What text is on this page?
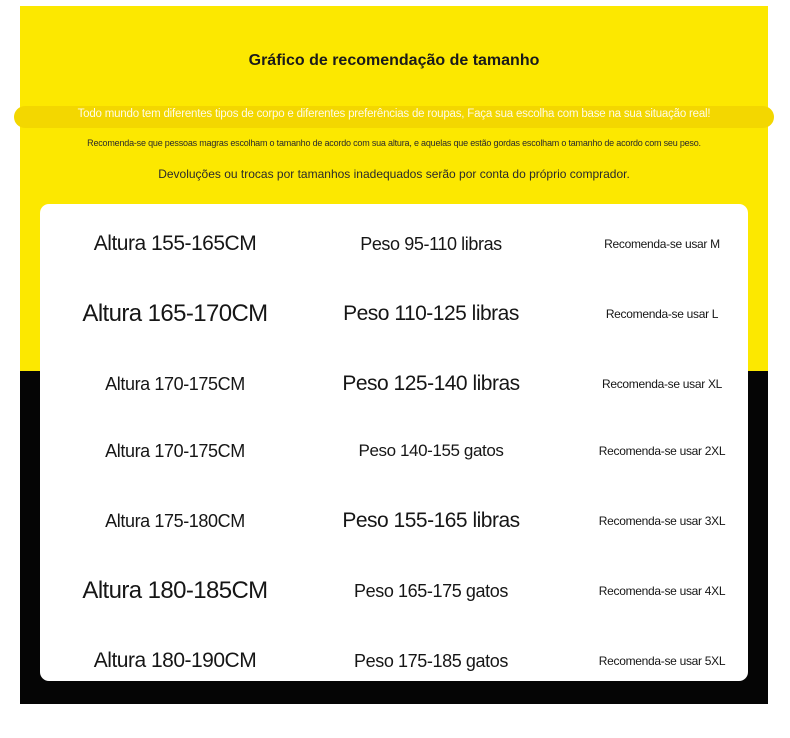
Gráfico de recomendação de tamanho
Todo mundo tem diferentes tipos de corpo e diferentes preferências de roupas, Faça sua escolha com base na sua situação real!
Recomenda-se que pessoas magras escolham o tamanho de acordo com sua altura, e aquelas que estão gordas escolham o tamanho de acordo com seu peso.
Devoluções ou trocas por tamanhos inadequados serão por conta do próprio comprador.
Altura 155-165CM	Peso 95-110 libras	Recomenda-se usar M
Altura 165-170CM	Peso 110-125 libras	Recomenda-se usar L
Altura 170-175CM	Peso 125-140 libras	Recomenda-se usar XL
Altura 170-175CM	Peso 140-155 gatos	Recomenda-se usar 2XL
Altura 175-180CM	Peso 155-165 libras	Recomenda-se usar 3XL
Altura 180-185CM	Peso 165-175 gatos	Recomenda-se usar 4XL
Altura 180-190CM	Peso 175-185 gatos	Recomenda-se usar 5XL
